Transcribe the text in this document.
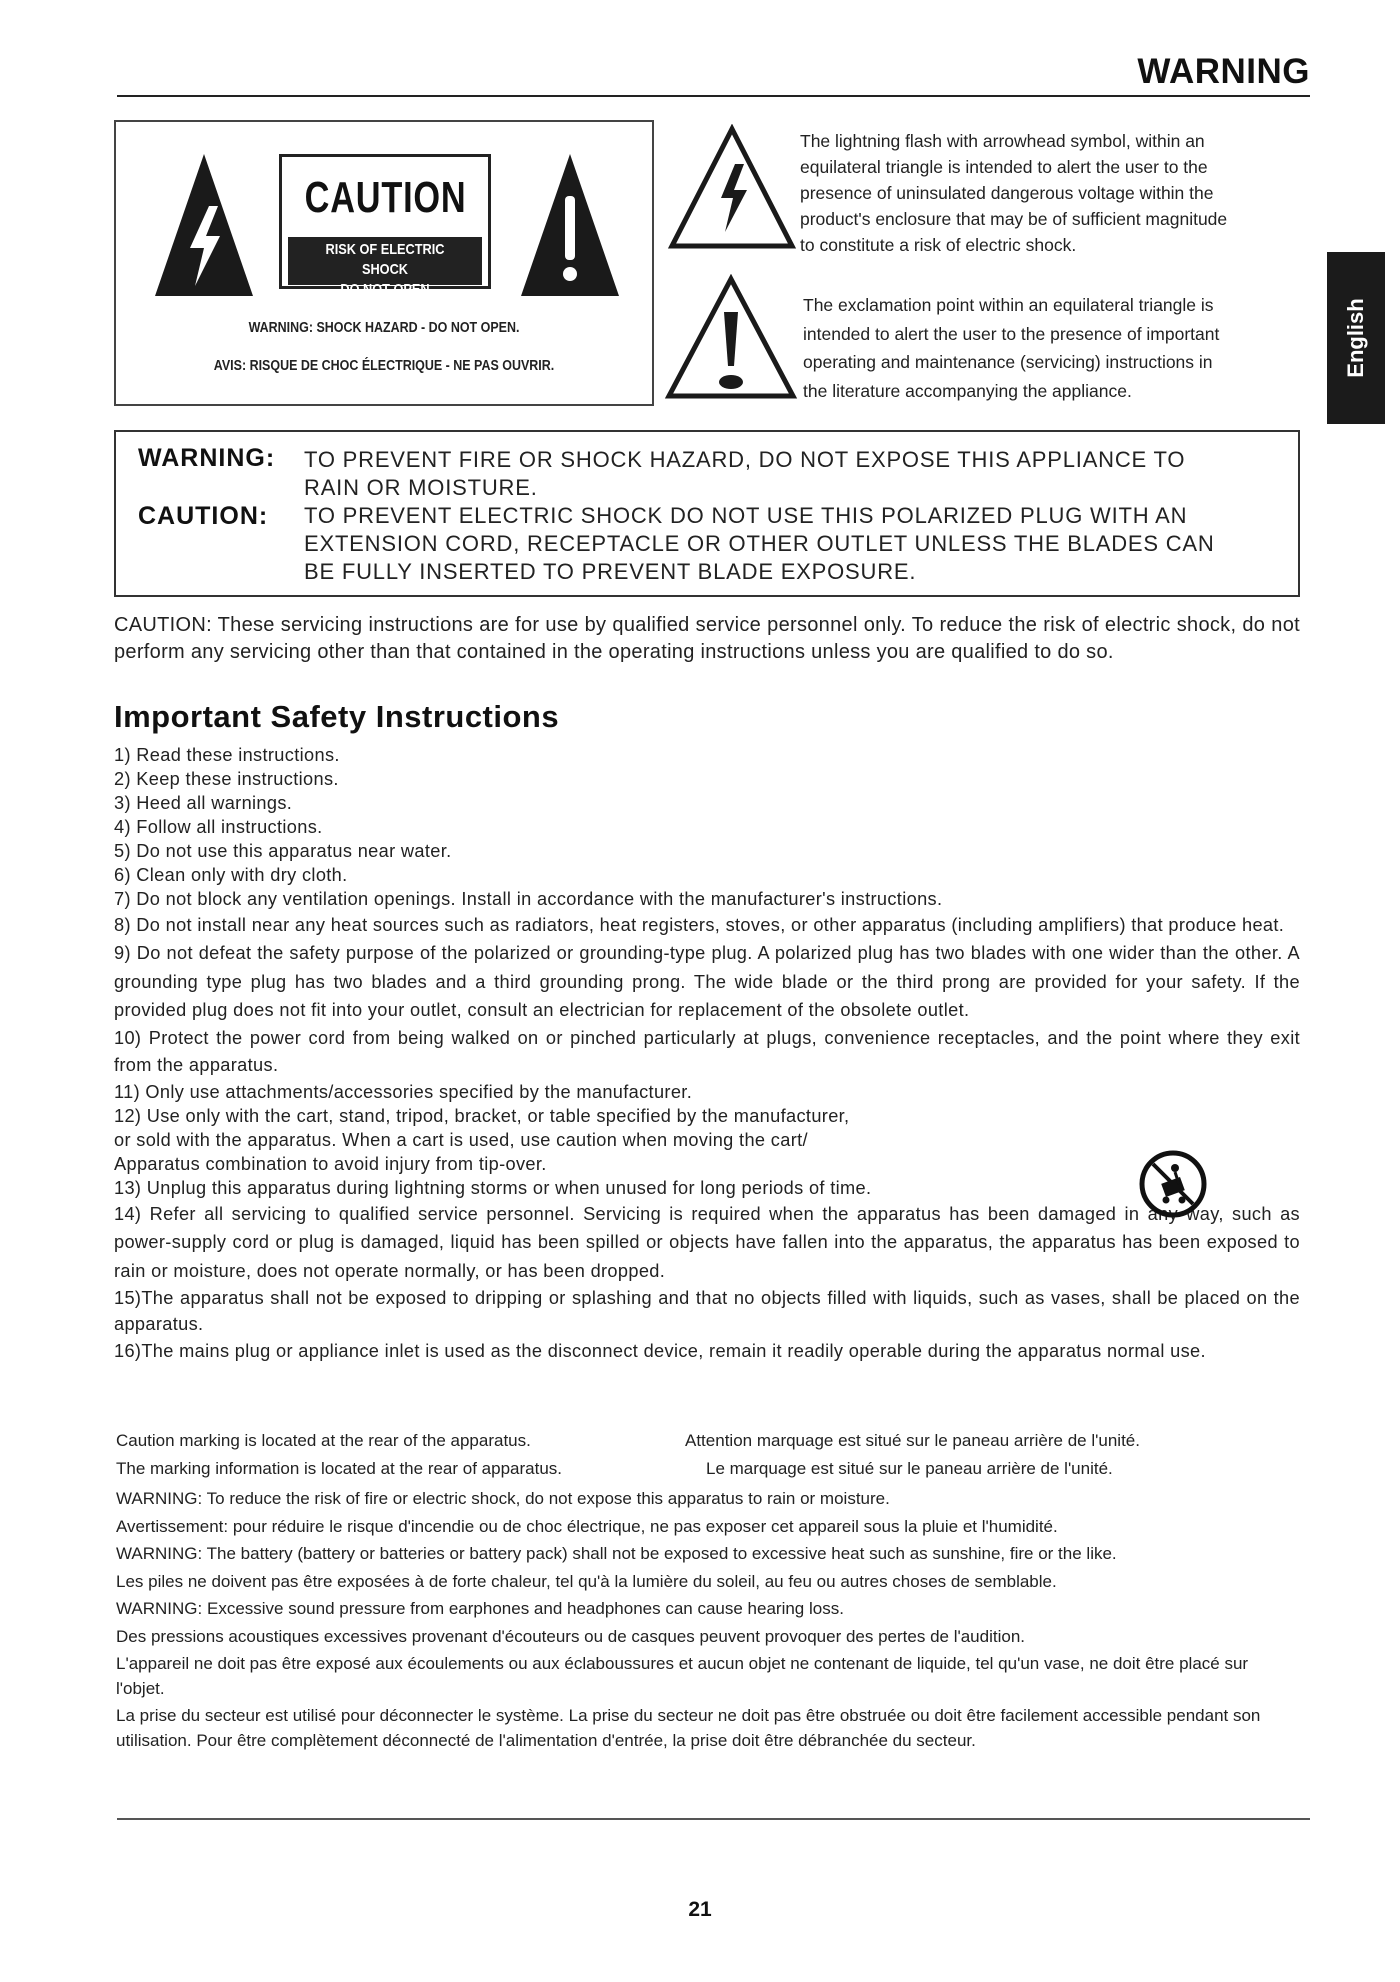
WARNING
English
CAUTION
RISK OF ELECTRIC SHOCK
DO NOT OPEN
WARNING: SHOCK HAZARD - DO NOT OPEN.
AVIS: RISQUE DE CHOC ÉLECTRIQUE - NE PAS OUVRIR.
The lightning flash with arrowhead symbol, within an
equilateral triangle is intended to alert the user to the
presence of uninsulated dangerous voltage within the
product's enclosure that may be of sufficient magnitude
to constitute a risk of electric shock.
The exclamation point within an equilateral triangle is
intended to alert the user to the presence of important
operating and maintenance (servicing) instructions in
the literature accompanying the appliance.
WARNING: TO PREVENT FIRE OR SHOCK HAZARD, DO NOT EXPOSE THIS APPLIANCE TO RAIN OR MOISTURE.
CAUTION: TO PREVENT ELECTRIC SHOCK DO NOT USE THIS POLARIZED PLUG WITH AN EXTENSION CORD, RECEPTACLE OR OTHER OUTLET UNLESS THE BLADES CAN BE FULLY INSERTED TO PREVENT BLADE EXPOSURE.
CAUTION: These servicing instructions are for use by qualified service personnel only. To reduce the risk of electric shock, do not perform any servicing other than that contained in the operating instructions unless you are qualified to do so.
Important Safety Instructions
1) Read these instructions.
2) Keep these instructions.
3) Heed all warnings.
4) Follow all instructions.
5) Do not use this apparatus near water.
6) Clean only with dry cloth.
7) Do not block any ventilation openings. Install in accordance with the manufacturer's instructions.
8) Do not install near any heat sources such as radiators, heat registers, stoves, or other apparatus (including amplifiers) that produce heat.
9) Do not defeat the safety purpose of the polarized or grounding-type plug. A polarized plug has two blades with one wider than the other. A grounding type plug has two blades and a third grounding prong. The wide blade or the third prong are provided for your safety. If the provided plug does not fit into your outlet, consult an electrician for replacement of the obsolete outlet.
10) Protect the power cord from being walked on or pinched particularly at plugs, convenience receptacles, and the point where they exit from the apparatus.
11) Only use attachments/accessories specified by the manufacturer.
12) Use only with the cart, stand, tripod, bracket, or table specified by the manufacturer,
or sold with the apparatus. When a cart is used, use caution when moving the cart/
Apparatus combination to avoid injury from tip-over.
13) Unplug this apparatus during lightning storms or when unused for long periods of time.
14) Refer all servicing to qualified service personnel. Servicing is required when the apparatus has been damaged in any way, such as power-supply cord or plug is damaged, liquid has been spilled or objects have fallen into the apparatus, the apparatus has been exposed to rain or moisture, does not operate normally, or has been dropped.
15)The apparatus shall not be exposed to dripping or splashing and that no objects filled with liquids, such as vases, shall be placed on the apparatus.
16)The mains plug or appliance inlet is used as the disconnect device, remain it readily operable during the apparatus normal use.
Caution marking is located at the rear of the apparatus.	Attention marquage est situé sur le paneau arrière de l'unité.
The marking information is located at the rear of apparatus.	Le marquage est situé sur le paneau arrière de l'unité.
WARNING: To reduce the risk of fire or electric shock, do not expose this apparatus to rain or moisture.
Avertissement: pour réduire le risque d'incendie ou de choc électrique, ne pas exposer cet appareil sous la pluie et l'humidité.
WARNING: The battery (battery or batteries or battery pack) shall not be exposed to excessive heat such as sunshine, fire or the like.
Les piles ne doivent pas être exposées à de forte chaleur, tel qu'à la lumière du soleil, au feu ou autres choses de semblable.
WARNING: Excessive sound pressure from earphones and headphones can cause hearing loss.
Des pressions acoustiques excessives provenant d'écouteurs ou de casques peuvent provoquer des pertes de l'audition.
L'appareil ne doit pas être exposé aux écoulements ou aux éclaboussures et aucun objet ne contenant de liquide, tel qu'un vase, ne doit être placé sur l'objet.
La prise du secteur est utilisé pour déconnecter le système. La prise du secteur ne doit pas être obstruée ou doit être facilement accessible pendant son utilisation. Pour être complètement déconnecté de l'alimentation d'entrée, la prise doit être débranchée du secteur.
21
